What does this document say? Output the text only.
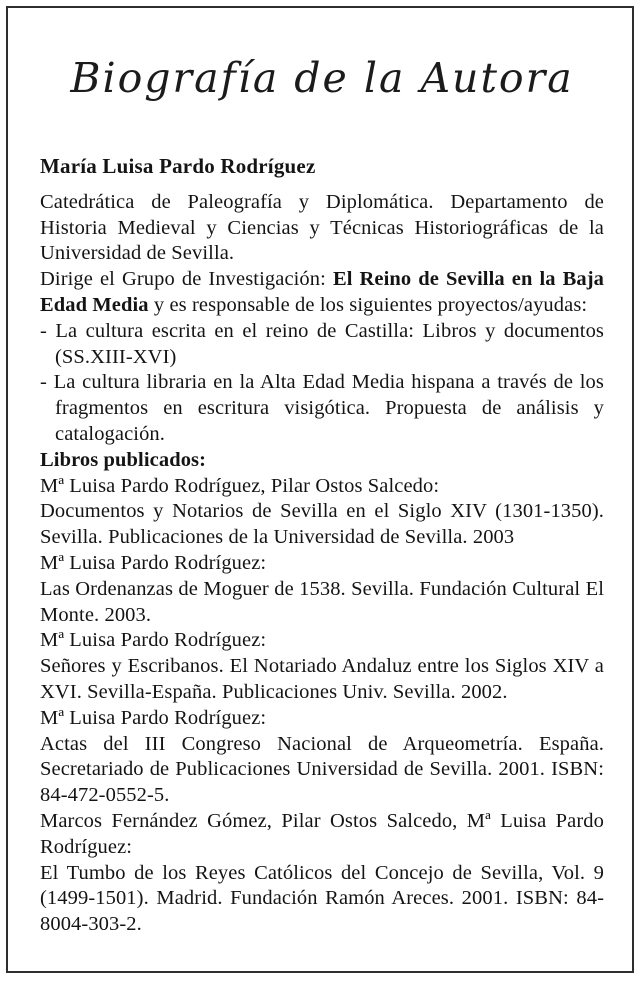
Biografía de la Autora

María Luisa Pardo Rodríguez

Catedrática de Paleografía y Diplomática. Departamento de Historia Medieval y Ciencias y Técnicas Historiográficas de la Universidad de Sevilla.

Dirige el Grupo de Investigación: El Reino de Sevilla en la Baja Edad Media y es responsable de los siguientes proyectos/ayudas:

- La cultura escrita en el reino de Castilla: Libros y documentos (SS.XIII-XVI)

- La cultura libraria en la Alta Edad Media hispana a través de los fragmentos en escritura visigótica. Propuesta de análisis y catalogación.

Libros publicados:

Mª Luisa Pardo Rodríguez, Pilar Ostos Salcedo:

Documentos y Notarios de Sevilla en el Siglo XIV (1301-1350). Sevilla. Publicaciones de la Universidad de Sevilla. 2003

Mª Luisa Pardo Rodríguez:

Las Ordenanzas de Moguer de 1538. Sevilla. Fundación Cultural El Monte. 2003.

Mª Luisa Pardo Rodríguez:

Señores y Escribanos. El Notariado Andaluz entre los Siglos XIV a XVI. Sevilla-España. Publicaciones Univ. Sevilla. 2002.

Mª Luisa Pardo Rodríguez:

Actas del III Congreso Nacional de Arqueometría. España. Secretariado de Publicaciones Universidad de Sevilla. 2001. ISBN: 84-472-0552-5.

Marcos Fernández Gómez, Pilar Ostos Salcedo, Mª Luisa Pardo Rodríguez:

El Tumbo de los Reyes Católicos del Concejo de Sevilla, Vol. 9 (1499-1501). Madrid. Fundación Ramón Areces. 2001. ISBN: 84-8004-303-2.
